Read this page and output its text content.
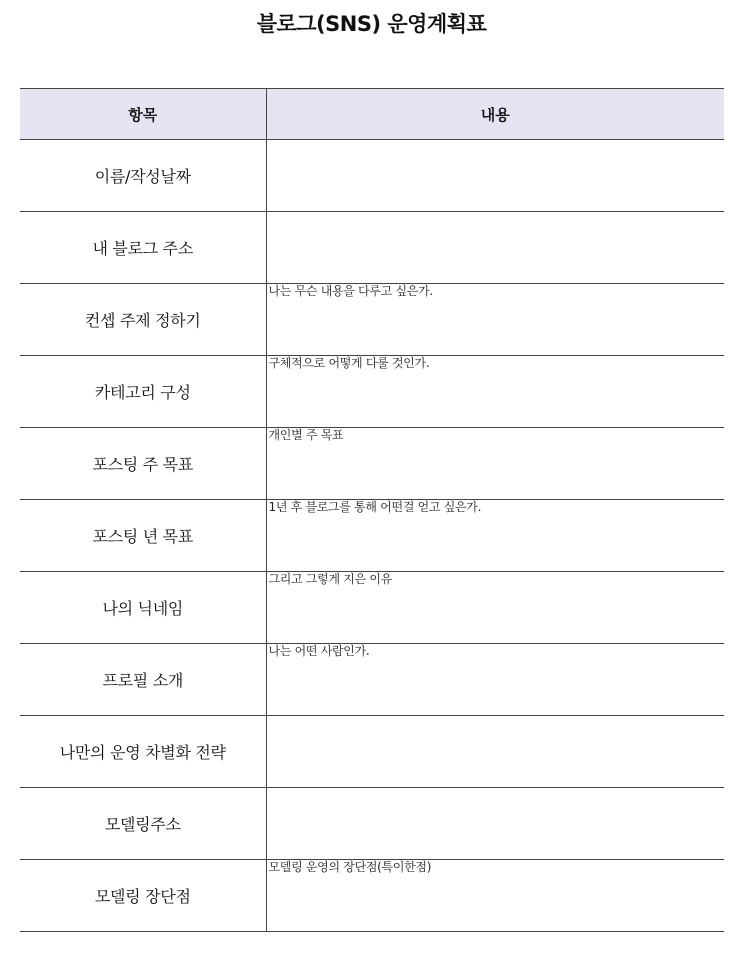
블로그(SNS) 운영계획표
항목	내용
이름/작성날짜	

내 블로그 주소	

컨셉 주제 정하기	나는 무슨 내용을 다루고 싶은가.

카테고리 구성	구체적으로 어떻게 다룰 것인가.

포스팅 주 목표	개인별 주 목표

포스팅 년 목표	1년 후 블로그를 통해 어떤걸 얻고 싶은가.

나의 닉네임	그리고 그렇게 지은 이유

프로필 소개	나는 어떤 사람인가.

나만의 운영 차별화 전략	

모델링주소	

모델링 장단점	모델링 운영의 장단점(특이한점)
